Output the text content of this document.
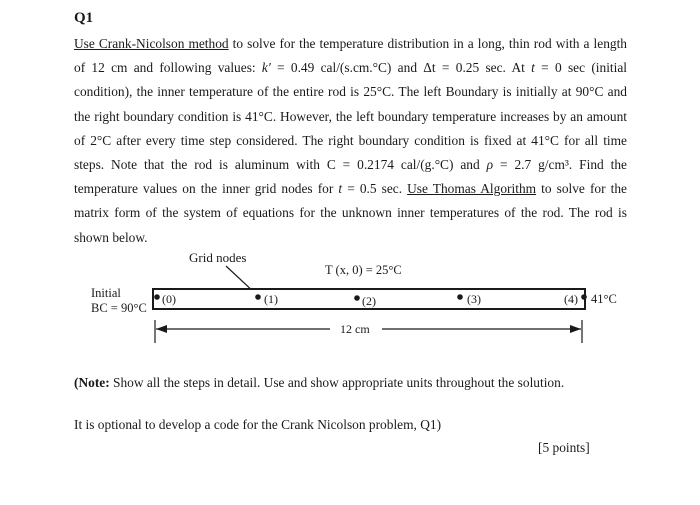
Q1

Use Crank-Nicolson method to solve for the temperature distribution in a long, thin rod with a length of 12 cm and following values: k′ = 0.49 cal/(s.cm.°C) and Δt = 0.25 sec. At t = 0 sec (initial condition), the inner temperature of the entire rod is 25°C. The left Boundary is initially at 90°C and the right boundary condition is 41°C. However, the left boundary temperature increases by an amount of 2°C after every time step considered. The right boundary condition is fixed at 41°C for all time steps. Note that the rod is aluminum with C = 0.2174 cal/(g.°C) and ρ = 2.7 g/cm³. Find the temperature values on the inner grid nodes for t = 0.5 sec. Use Thomas Algorithm to solve for the matrix form of the system of equations for the unknown inner temperatures of the rod. The rod is shown below.

Grid nodes
T (x, 0) = 25°C
Initial
BC = 90°C
41°C
(0)	(1)	(2)	(3)	(4)
12 cm

(Note: Show all the steps in detail. Use and show appropriate units throughout the solution.

It is optional to develop a code for the Crank Nicolson problem, Q1)

[5 points]
